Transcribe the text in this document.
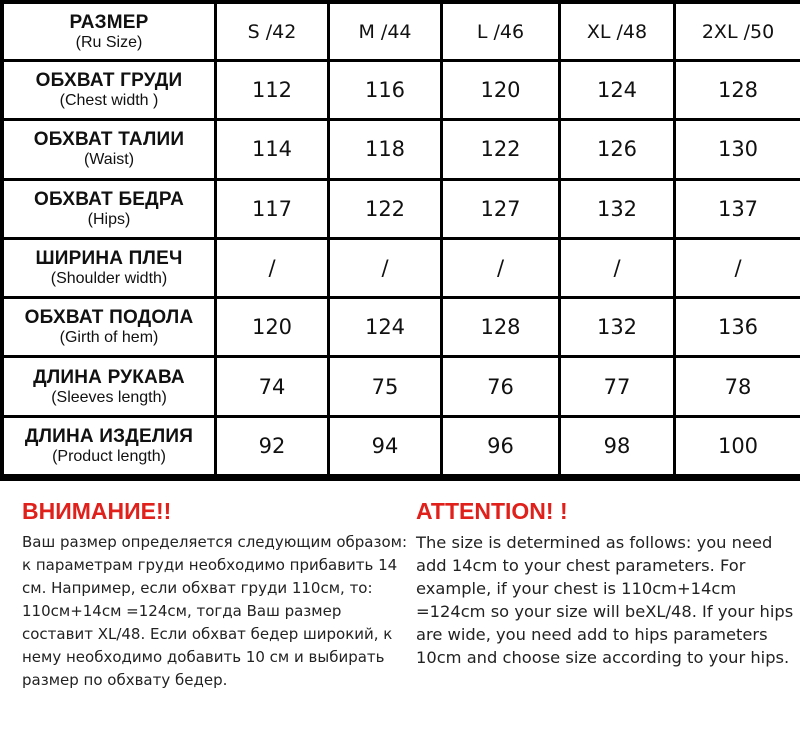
РАЗМЕР
(Ru Size)	S /42	M /44	L /46	XL /48	2XL /50

ОБХВАТ ГРУДИ
(Chest width )	112	116	120	124	128

ОБХВАТ ТАЛИИ
(Waist)	114	118	122	126	130

ОБХВАТ БЕДРА
(Hips)	117	122	127	132	137

ШИРИНА ПЛЕЧ
(Shoulder width)	/	/	/	/	/

ОБХВАТ ПОДОЛА
(Girth of hem)	120	124	128	132	136

ДЛИНА РУКАВА
(Sleeves length)	74	75	76	77	78

ДЛИНА ИЗДЕЛИЯ
(Product length)	92	94	96	98	100
ВНИМАНИЕ!!

Ваш размер определяется следующим образом: к параметрам груди необходимо прибавить 14 см. Например, если обхват груди 110см, то: 110см+14см =124см, тогда Ваш размер составит XL/48. Если обхват бедер широкий, к нему необходимо добавить 10 см и выбирать размер по обхвату бедер.

ATTENTION! !

The size is determined as follows: you need add 14cm to your chest parameters. For example, if your chest is 110cm+14cm =124cm so your size will beXL/48. If your hips are wide, you need add to hips parameters 10cm and choose size according to your hips.
